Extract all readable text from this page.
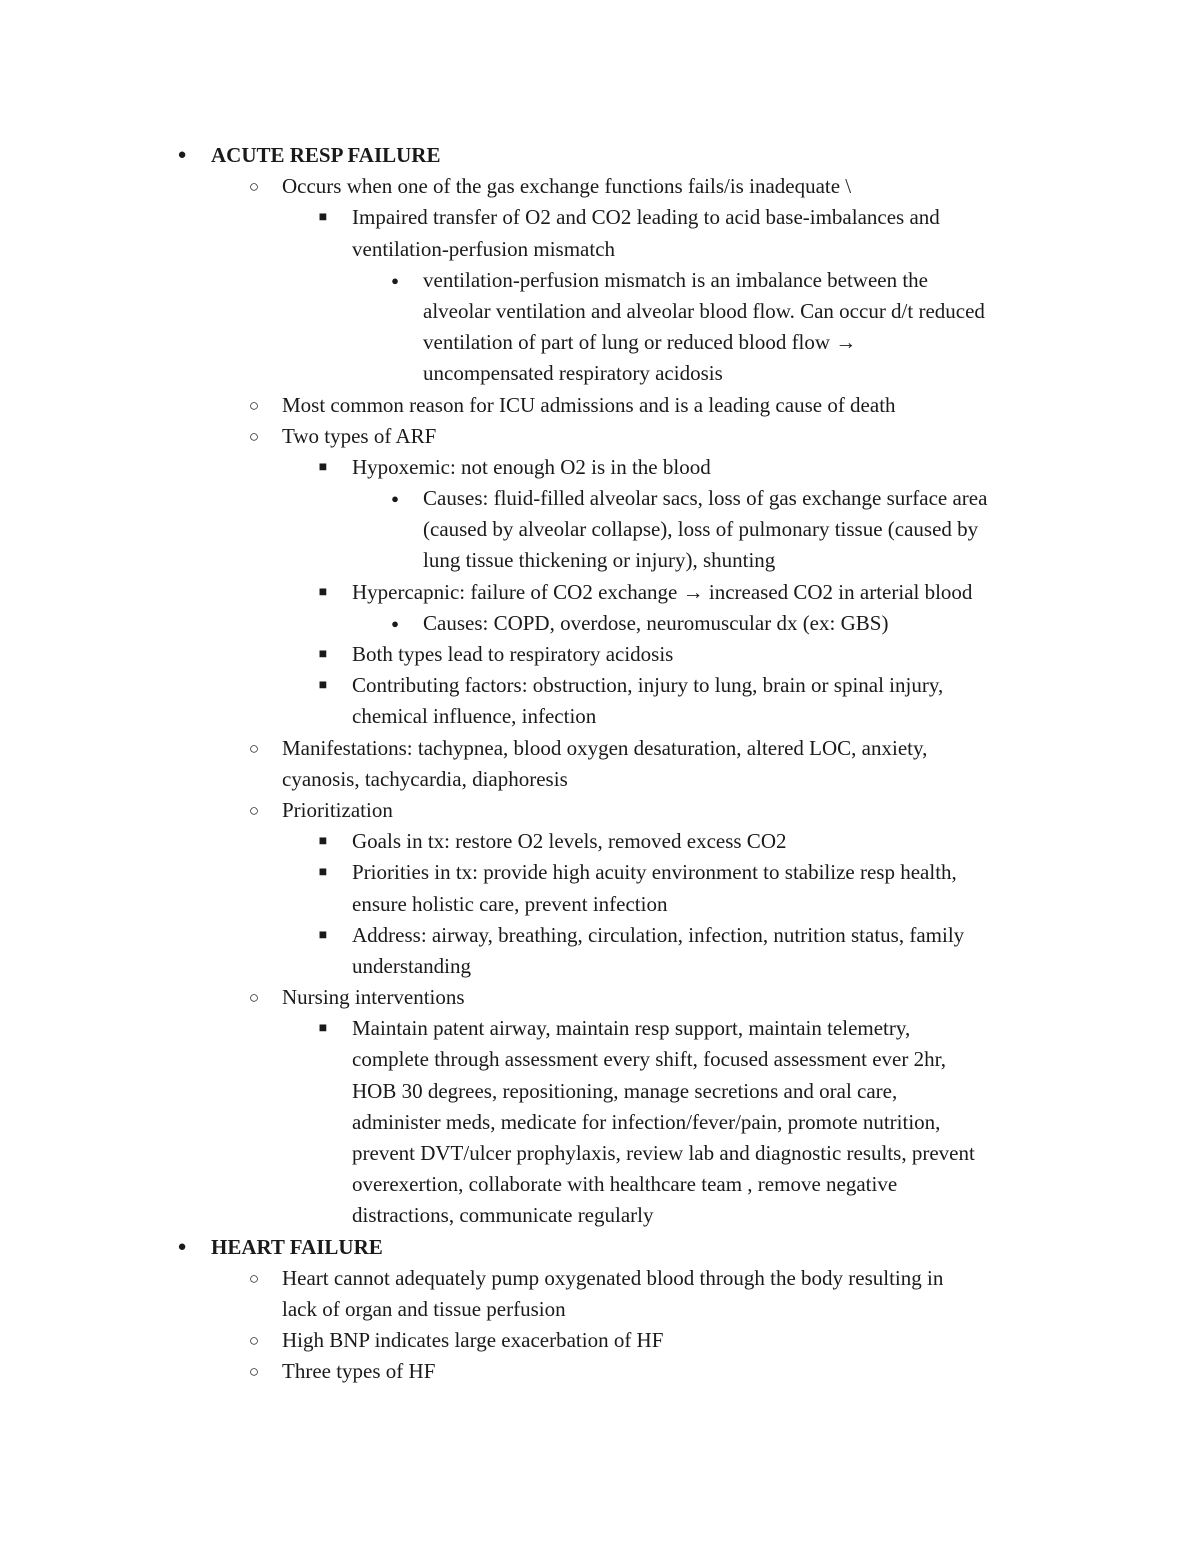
● ACUTE RESP FAILURE
○ Occurs when one of the gas exchange functions fails/is inadequate \
■ Impaired transfer of O2 and CO2 leading to acid base-imbalances and
ventilation-perfusion mismatch
● ventilation-perfusion mismatch is an imbalance between the
alveolar ventilation and alveolar blood flow. Can occur d/t reduced
ventilation of part of lung or reduced blood flow →
uncompensated respiratory acidosis
○ Most common reason for ICU admissions and is a leading cause of death
○ Two types of ARF
■ Hypoxemic: not enough O2 is in the blood
● Causes: fluid-filled alveolar sacs, loss of gas exchange surface area
(caused by alveolar collapse), loss of pulmonary tissue (caused by
lung tissue thickening or injury), shunting
■ Hypercapnic: failure of CO2 exchange → increased CO2 in arterial blood
● Causes: COPD, overdose, neuromuscular dx (ex: GBS)
■ Both types lead to respiratory acidosis
■ Contributing factors: obstruction, injury to lung, brain or spinal injury,
chemical influence, infection
○ Manifestations: tachypnea, blood oxygen desaturation, altered LOC, anxiety,
cyanosis, tachycardia, diaphoresis
○ Prioritization
■ Goals in tx: restore O2 levels, removed excess CO2
■ Priorities in tx: provide high acuity environment to stabilize resp health,
ensure holistic care, prevent infection
■ Address: airway, breathing, circulation, infection, nutrition status, family
understanding
○ Nursing interventions
■ Maintain patent airway, maintain resp support, maintain telemetry,
complete through assessment every shift, focused assessment ever 2hr,
HOB 30 degrees, repositioning, manage secretions and oral care,
administer meds, medicate for infection/fever/pain, promote nutrition,
prevent DVT/ulcer prophylaxis, review lab and diagnostic results, prevent
overexertion, collaborate with healthcare team , remove negative
distractions, communicate regularly
● HEART FAILURE
○ Heart cannot adequately pump oxygenated blood through the body resulting in
lack of organ and tissue perfusion
○ High BNP indicates large exacerbation of HF
○ Three types of HF
